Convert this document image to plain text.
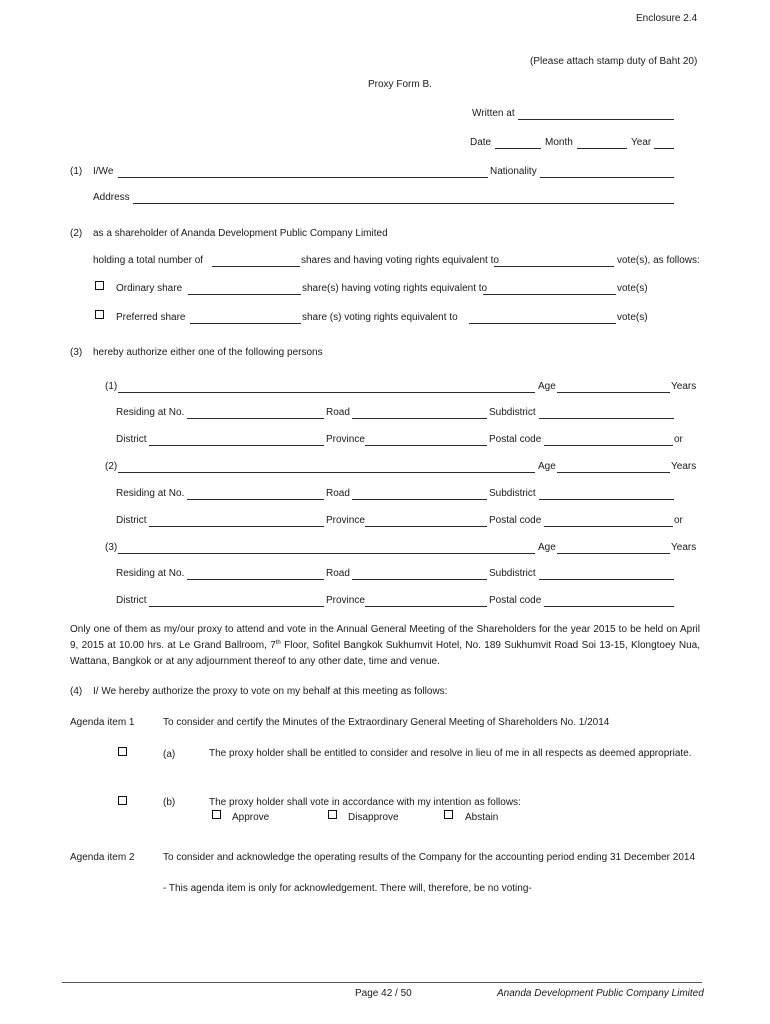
Enclosure 2.4
(Please attach stamp duty of Baht 20)
Proxy Form B.
Written at
Date	Month	Year
(1) I/We	Nationality
Address
(2) as a shareholder of Ananda Development Public Company Limited
holding a total number of	shares and having voting rights equivalent to	vote(s), as follows:
Ordinary share	share(s) having voting rights equivalent to	vote(s)
Preferred share	share (s) voting rights equivalent to	vote(s)
(3) hereby authorize either one of the following persons
(1)	Age	Years
Residing at No.	Road	Subdistrict
District	Province	Postal code	or
(2)	Age	Years
Residing at No.	Road	Subdistrict
District	Province	Postal code	or
(3)	Age	Years
Residing at No.	Road	Subdistrict
District	Province	Postal code
Only one of them as my/our proxy to attend and vote in the Annual General Meeting of the Shareholders for the year 2015 to be held on April 9, 2015 at 10.00 hrs. at Le Grand Ballroom, 7th Floor, Sofitel Bangkok Sukhumvit Hotel, No. 189 Sukhumvit Road Soi 13-15, Klongtoey Nua, Wattana, Bangkok or at any adjournment thereof to any other date, time and venue.
(4) I/ We hereby authorize the proxy to vote on my behalf at this meeting as follows:
Agenda item 1	To consider and certify the Minutes of the Extraordinary General Meeting of Shareholders No. 1/2014
(a)	The proxy holder shall be entitled to consider and resolve in lieu of me in all respects as deemed appropriate.
(b)	The proxy holder shall vote in accordance with my intention as follows:
Approve	Disapprove	Abstain
Agenda item 2	To consider and acknowledge the operating results of the Company for the accounting period ending 31 December 2014
- This agenda item is only for acknowledgement. There will, therefore, be no voting-
Page 42 / 50	Ananda Development Public Company Limited
